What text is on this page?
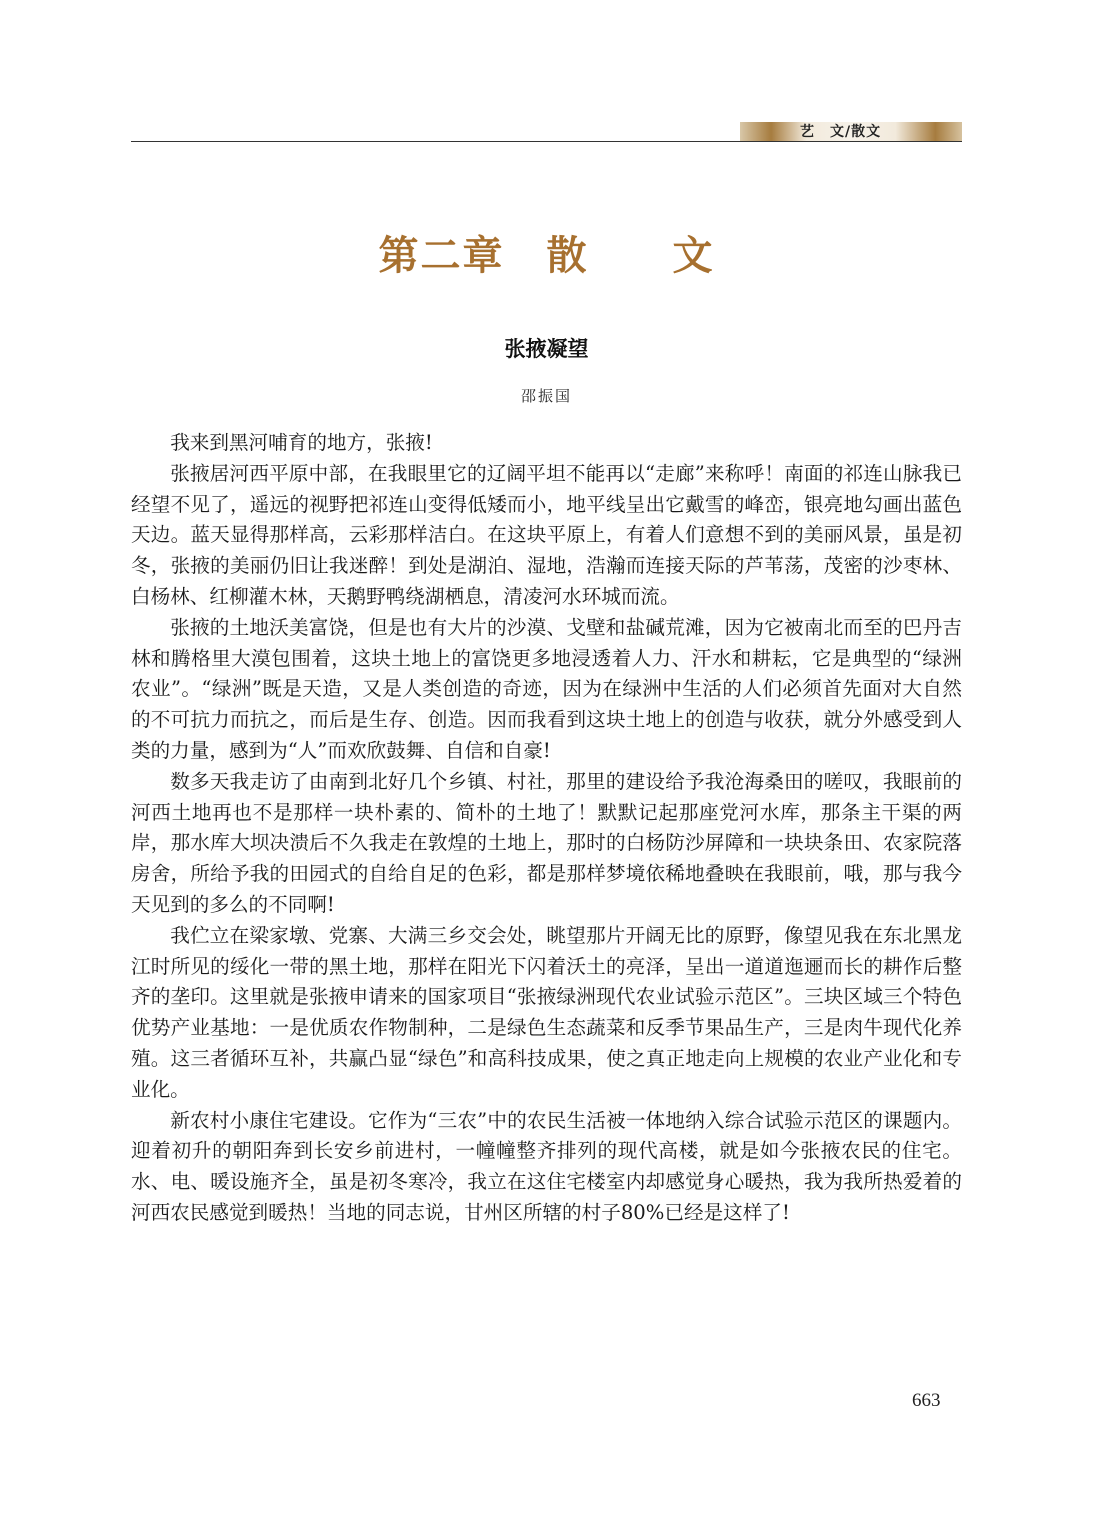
艺　文/散文
第二章　散　　文
张掖凝望
邵振国

我来到黑河哺育的地方，张掖!

张掖居河西平原中部，在我眼里它的辽阔平坦不能再以“走廊”来称呼！南面的祁连山脉我已经望不见了，遥远的视野把祁连山变得低矮而小，地平线呈出它戴雪的峰峦，银亮地勾画出蓝色天边。蓝天显得那样高，云彩那样洁白。在这块平原上，有着人们意想不到的美丽风景，虽是初冬，张掖的美丽仍旧让我迷醉！到处是湖泊、湿地，浩瀚而连接天际的芦苇荡，茂密的沙枣林、白杨林、红柳灌木林，天鹅野鸭绕湖栖息，清凌河水环城而流。

张掖的土地沃美富饶，但是也有大片的沙漠、戈壁和盐碱荒滩，因为它被南北而至的巴丹吉林和腾格里大漠包围着，这块土地上的富饶更多地浸透着人力、汗水和耕耘，它是典型的“绿洲农业”。“绿洲”既是天造，又是人类创造的奇迹，因为在绿洲中生活的人们必须首先面对大自然的不可抗力而抗之，而后是生存、创造。因而我看到这块土地上的创造与收获，就分外感受到人类的力量，感到为“人”而欢欣鼓舞、自信和自豪!

数多天我走访了由南到北好几个乡镇、村社，那里的建设给予我沧海桑田的嗟叹，我眼前的河西土地再也不是那样一块朴素的、简朴的土地了！默默记起那座党河水库，那条主干渠的两岸，那水库大坝决溃后不久我走在敦煌的土地上，那时的白杨防沙屏障和一块块条田、农家院落房舍，所给予我的田园式的自给自足的色彩，都是那样梦境依稀地叠映在我眼前，哦，那与我今天见到的多么的不同啊!

我伫立在梁家墩、党寨、大满三乡交会处，眺望那片开阔无比的原野，像望见我在东北黑龙江时所见的绥化一带的黑土地，那样在阳光下闪着沃土的亮泽，呈出一道道迤逦而长的耕作后整齐的垄印。这里就是张掖申请来的国家项目“张掖绿洲现代农业试验示范区”。三块区域三个特色优势产业基地：一是优质农作物制种，二是绿色生态蔬菜和反季节果品生产，三是肉牛现代化养殖。这三者循环互补，共赢凸显“绿色”和高科技成果，使之真正地走向上规模的农业产业化和专业化。

新农村小康住宅建设。它作为“三农”中的农民生活被一体地纳入综合试验示范区的课题内。迎着初升的朝阳奔到长安乡前进村，一幢幢整齐排列的现代高楼，就是如今张掖农民的住宅。水、电、暖设施齐全，虽是初冬寒冷，我立在这住宅楼室内却感觉身心暖热，我为我所热爱着的河西农民感觉到暖热！当地的同志说，甘州区所辖的村子80%已经是这样了!

663
